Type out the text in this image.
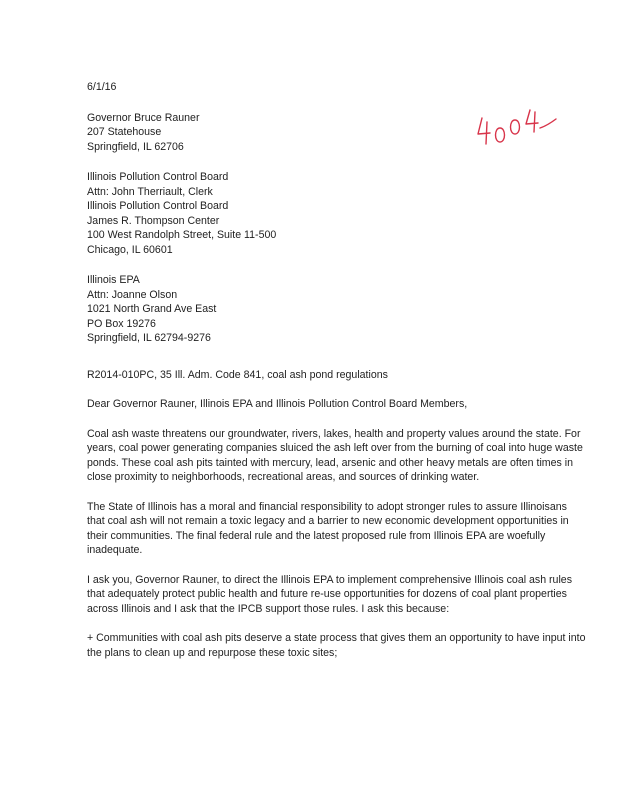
6/1/16

Governor Bruce Rauner
207 Statehouse
Springfield, IL 62706
Illinois Pollution Control Board
Attn: John Therriault, Clerk
Illinois Pollution Control Board
James R. Thompson Center
100 West Randolph Street, Suite 11-500
Chicago, IL 60601
Illinois EPA
Attn: Joanne Olson
1021 North Grand Ave East
PO Box 19276
Springfield, IL 62794-9276

R2014-010PC, 35 Ill. Adm. Code 841, coal ash pond regulations

Dear Governor Rauner, Illinois EPA and Illinois Pollution Control Board Members,

Coal ash waste threatens our groundwater, rivers, lakes, health and property values around the state. For years, coal power generating companies sluiced the ash left over from the burning of coal into huge waste ponds. These coal ash pits tainted with mercury, lead, arsenic and other heavy metals are often times in close proximity to neighborhoods, recreational areas, and sources of drinking water.

The State of Illinois has a moral and financial responsibility to adopt stronger rules to assure Illinoisans that coal ash will not remain a toxic legacy and a barrier to new economic development opportunities in their communities. The final federal rule and the latest proposed rule from Illinois EPA are woefully inadequate.

I ask you, Governor Rauner, to direct the Illinois EPA to implement comprehensive Illinois coal ash rules that adequately protect public health and future re-use opportunities for dozens of coal plant properties across Illinois and I ask that the IPCB support those rules. I ask this because:

+ Communities with coal ash pits deserve a state process that gives them an opportunity to have input into the plans to clean up and repurpose these toxic sites;
